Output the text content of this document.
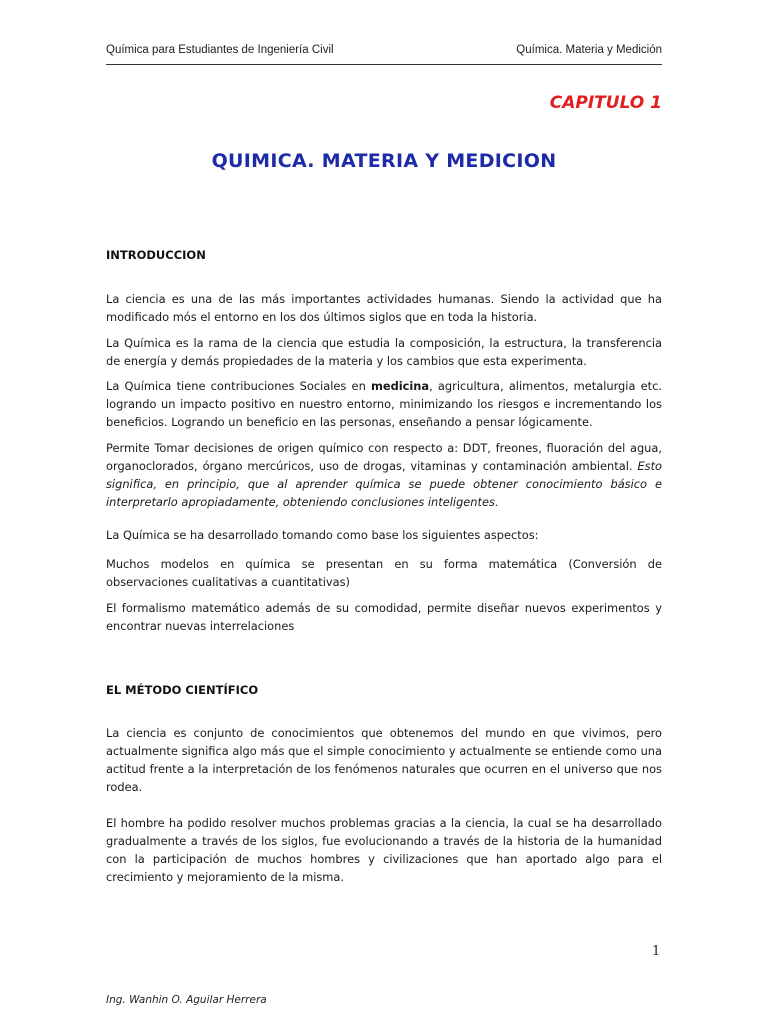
Química para Estudiantes de Ingeniería Civil	Química. Materia y Medición
CAPITULO 1
QUIMICA. MATERIA Y MEDICION
INTRODUCCION

La ciencia es una de las más importantes actividades humanas. Siendo la actividad que ha modificado mós el entorno en los dos últimos siglos que en toda la historia.

La Química es la rama de la ciencia que estudia la composición, la estructura, la transferencia de energía y demás propiedades de la materia y los cambios que esta experimenta.

La Química tiene contribuciones Sociales en medicina, agricultura, alimentos, metalurgia etc. logrando un impacto positivo en nuestro entorno, minimizando los riesgos e incrementando los beneficios. Logrando un beneficio en las personas, enseñando a pensar lógicamente.

Permite Tomar decisiones de origen químico con respecto a: DDT, freones, fluoración del agua, organoclorados, órgano mercúricos, uso de drogas, vitaminas y contaminación ambiental. Esto significa, en principio, que al aprender química se puede obtener conocimiento básico e interpretarlo apropiadamente, obteniendo conclusiones inteligentes.

La Química se ha desarrollado tomando como base los siguientes aspectos:

Muchos modelos en química se presentan en su forma matemática (Conversión de observaciones cualitativas a cuantitativas)

El formalismo matemático además de su comodidad, permite diseñar nuevos experimentos y encontrar nuevas interrelaciones

EL MÉTODO CIENTÍFICO

La ciencia es conjunto de conocimientos que obtenemos del mundo en que vivimos, pero actualmente significa algo más que el simple conocimiento y actualmente se entiende como una actitud frente a la interpretación de los fenómenos naturales que ocurren en el universo que nos rodea.

El hombre ha podido resolver muchos problemas gracias a la ciencia, la cual se ha desarrollado gradualmente a través de los siglos, fue evolucionando a través de la historia de la humanidad con la participación de muchos hombres y civilizaciones que han aportado algo para el crecimiento y mejoramiento de la misma.

1
Ing. Wanhin O. Aguilar Herrera
